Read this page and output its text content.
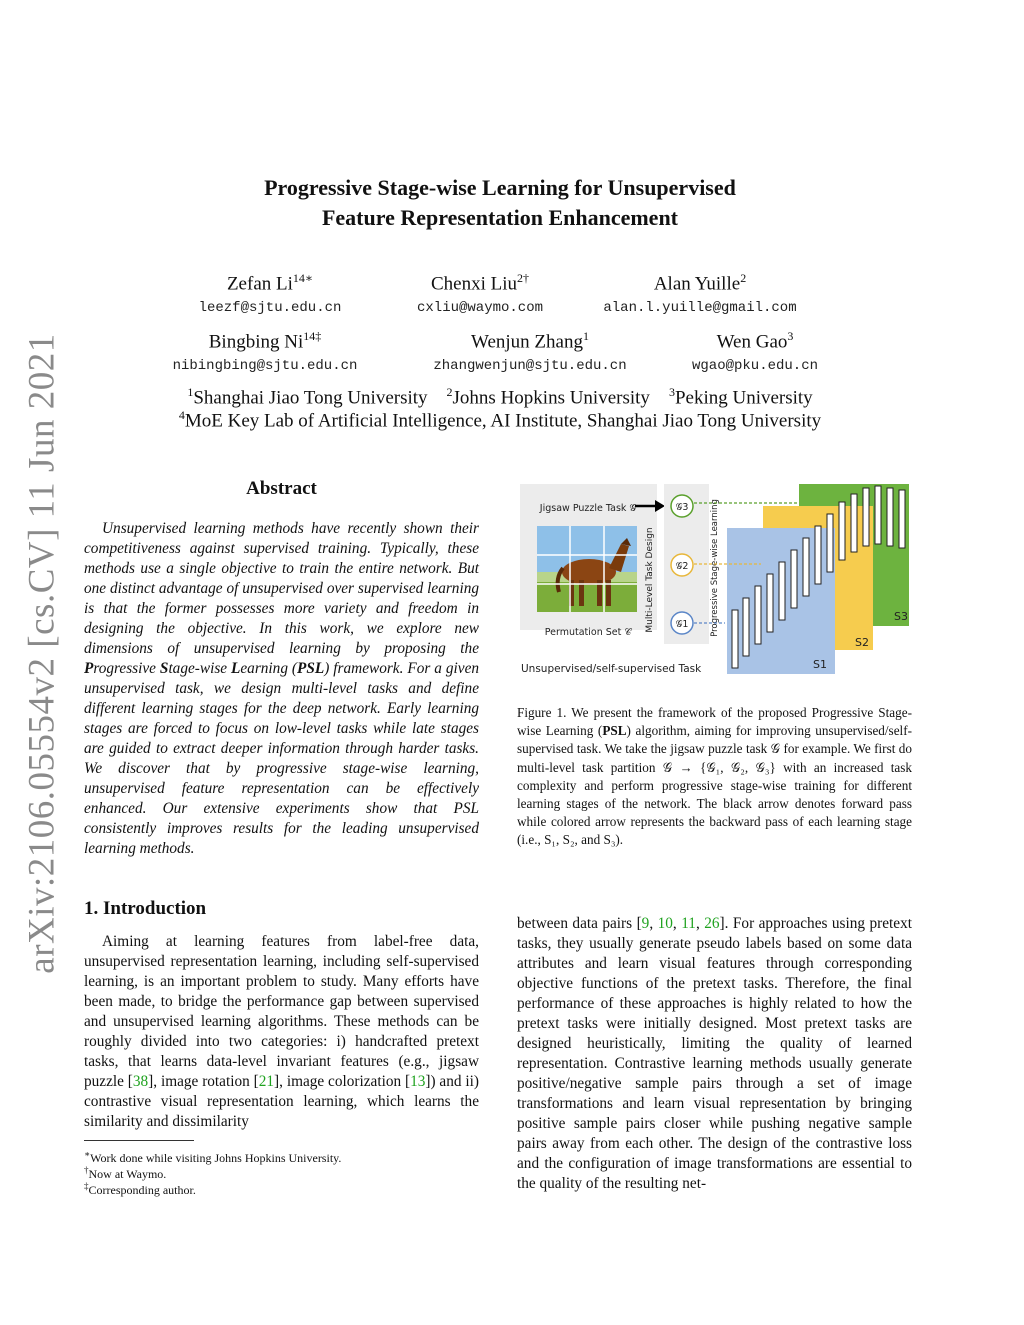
arXiv:2106.05554v2 [cs.CV] 11 Jun 2021
Progressive Stage-wise Learning for Unsupervised
Feature Representation Enhancement
Zefan $Li^{14∗}$	Chenxi Liu$^{2\dagger}$	Alan Yuille$^2$
leezf@sjtu.edu.cn	cxliu@waymo.com	alan.l.yuille@gmail.com
Bingbing $Ni^{14\ddagger}$	Wenjun Zhang$^1$	Wen Gao$^3$
nibingbing@sjtu.edu.cn	zhangwenjun@sjtu.edu.cn	wgao@pku.edu.cn
$^1$Shanghai Jiao Tong University $^2$Johns Hopkins University $^3$Peking University
$^4$MoE Key Lab of Artificial Intelligence, AI Institute, Shanghai Jiao Tong University
Abstract
Unsupervised learning methods have recently shown their competitiveness against supervised training. Typically, these methods use a single objective to train the entire network. But one distinct advantage of unsupervised over supervised learning is that the former possesses more variety and freedom in designing the objective. In this work, we explore new dimensions of unsupervised learning by proposing the Progressive Stage-wise Learning (PSL) framework. For a given unsupervised task, we design multi-level tasks and define different learning stages for the deep network. Early learning stages are forced to focus on low-level tasks while late stages are guided to extract deeper information through harder tasks. We discover that by progressive stage-wise learning, unsupervised feature representation can be effectively enhanced. Our extensive experiments show that PSL consistently improves results for the leading unsupervised learning methods.
Jigsaw Puzzle Task 𝒢
Permutation Set 𝒞 Multi-Level Task Design
𝒢3
𝒢2
𝒢1	Progressive Stage-wise Learning	S3
S2
S1
Unsupervised/self-supervised Task
Figure 1. We present the framework of the proposed Progressive Stage-wise Learning (PSL) algorithm, aiming for improving unsupervised/self-supervised task. We take the jigsaw puzzle task 𝒢 for example. We first do multi-level task partition 𝒢 → {𝒢₁, 𝒢₂, 𝒢₃} with an increased task complexity and perform progressive stage-wise training for different learning stages of the network. The black arrow denotes forward pass while colored arrow represents the backward pass of each learning stage (i.e., S₁, S₂, and S₃).
1. Introduction
Aiming at learning features from label-free data, unsupervised representation learning, including self-supervised learning, is an important problem to study. Many efforts have been made, to bridge the performance gap between supervised and unsupervised learning algorithms. These methods can be roughly divided into two categories: i) handcrafted pretext tasks, that learns data-level invariant features (e.g., jigsaw puzzle [38], image rotation [21], image colorization [13]) and ii) contrastive visual representation learning, which learns the similarity and dissimilarity
between data pairs [9, 10, 11, 26]. For approaches using pretext tasks, they usually generate pseudo labels based on some data attributes and learn visual features through corresponding objective functions of the pretext tasks. Therefore, the final performance of these approaches is highly related to how the pretext tasks were initially designed. Most pretext tasks are designed heuristically, limiting the quality of learned representation. Contrastive learning methods usually generate positive/negative sample pairs through a set of image transformations and learn visual representation by bringing positive sample pairs closer while pushing negative sample pairs away from each other. The design of the contrastive loss and the configuration of image transformations are essential to the quality of the resulting net-
∗Work done while visiting Johns Hopkins University.
†Now at Waymo.
‡Corresponding author.
